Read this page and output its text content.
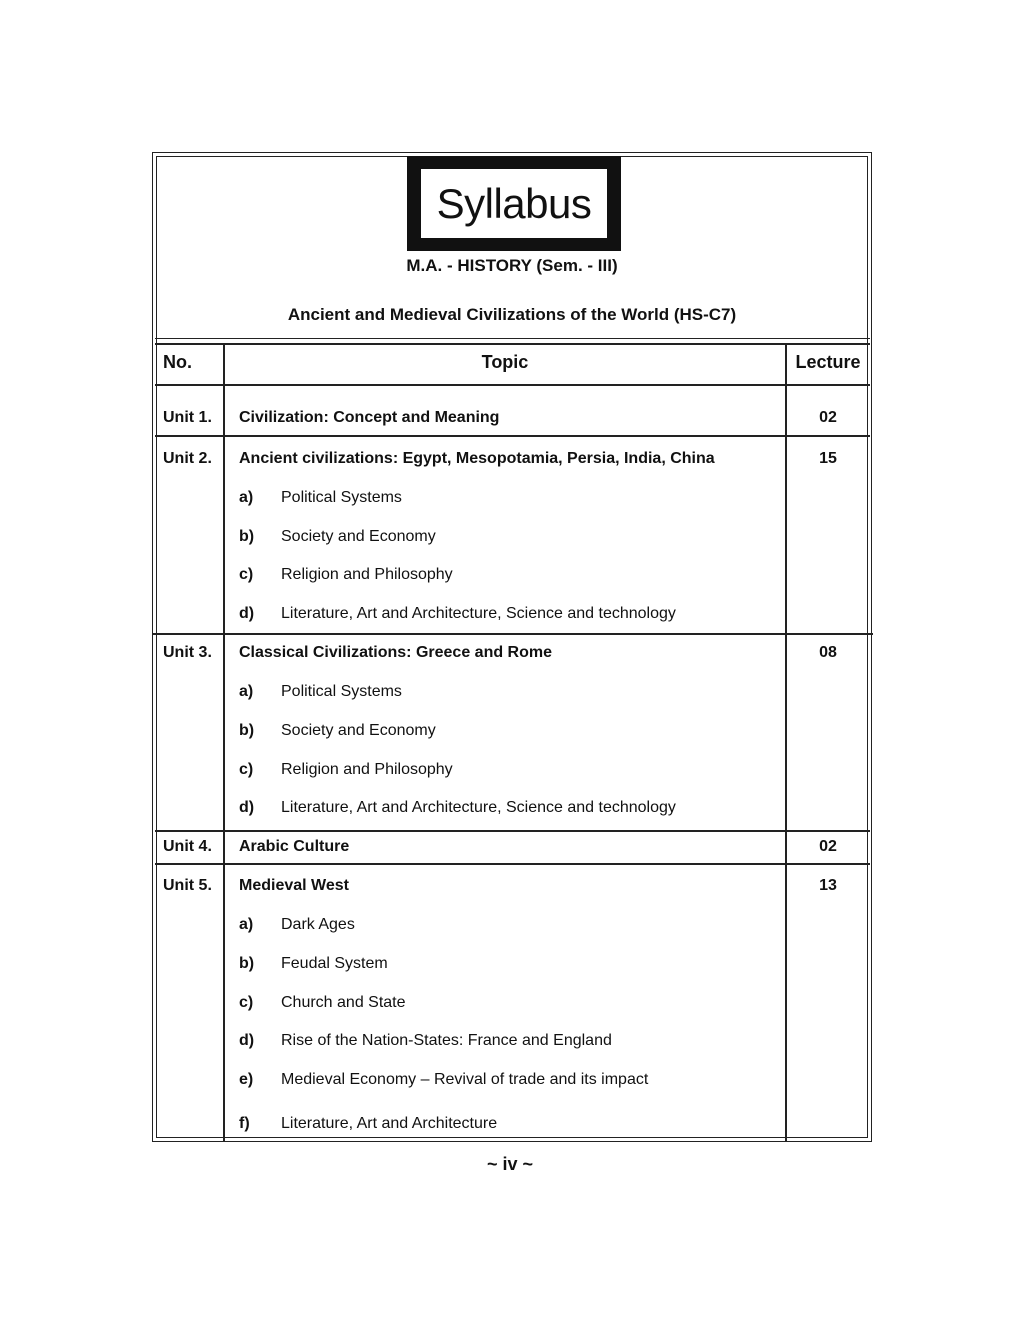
Syllabus
M.A. - HISTORY (Sem. - III)
Ancient and Medieval Civilizations of the World (HS-C7)
No.	Topic	Lecture
Unit 1. Civilization: Concept and Meaning	02
Unit 2. Ancient civilizations: Egypt, Mesopotamia, Persia, India, China	15
a) Political Systems
b) Society and Economy
c) Religion and Philosophy
d) Literature, Art and Architecture, Science and technology
Unit 3. Classical Civilizations: Greece and Rome	08
a) Political Systems
b) Society and Economy
c) Religion and Philosophy
d) Literature, Art and Architecture, Science and technology
Unit 4. Arabic Culture	02
Unit 5. Medieval West	13
a) Dark Ages
b) Feudal System
c) Church and State
d) Rise of the Nation-States: France and England
e) Medieval Economy – Revival of trade and its impact
f) Literature, Art and Architecture
~ iv ~
